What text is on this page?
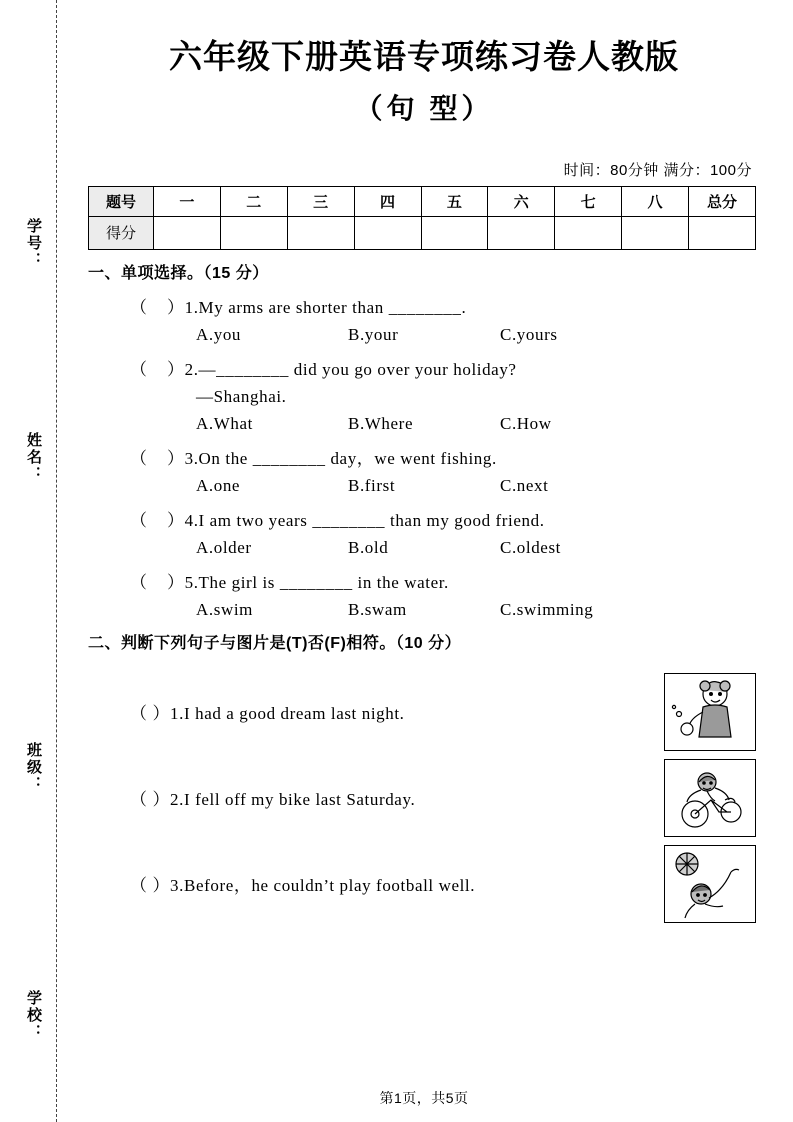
学号：
姓名：
班级：
学校：
六年级下册英语专项练习卷人教版
（句 型）
时间：80分钟 满分：100分
题号	一	二	三	四	五	六	七	八	总分
得分									
一、单项选择。（15 分）
（    ）1.My arms are shorter than ________.
A.you	B.your	C.yours
（    ）2.—________ did you go over your holiday?
—Shanghai.
A.What	B.Where	C.How
（    ）3.On the ________ day，we went fishing.
A.one	B.first	C.next
（    ）4.I am two years ________ than my good friend.
A.older	B.old	C.oldest
（    ）5.The girl is ________ in the water.
A.swim	B.swam	C.swimming
二、判断下列句子与图片是(T)否(F)相符。（10 分）
（ ）1.I had a good dream last night.
（ ）2.I fell off my bike last Saturday.
（ ）3.Before，he couldn’t play football well.
第1页，共5页
